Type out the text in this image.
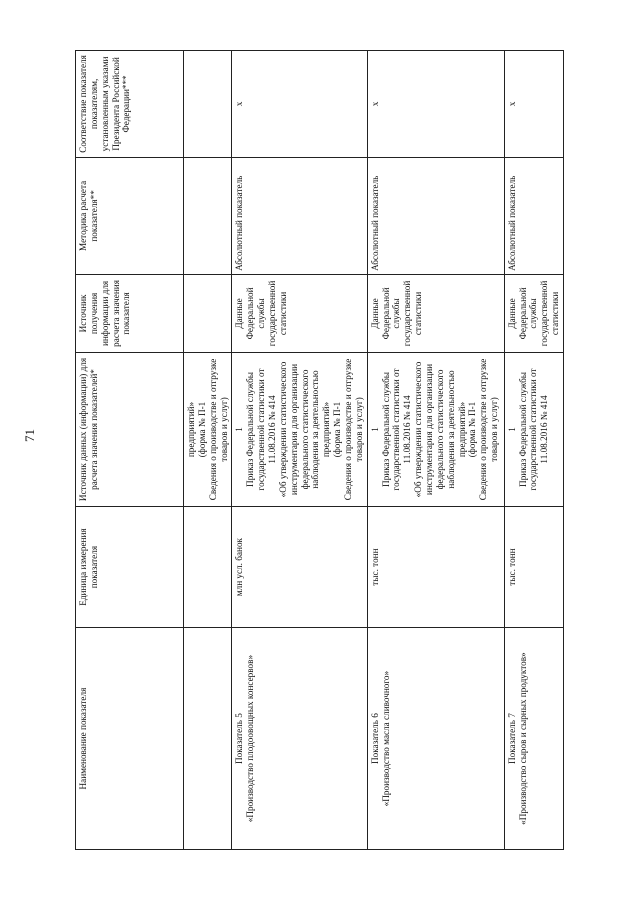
71
Наименование показателя	Единица измерения показателя	Источник данных (информации) для расчета значения показателей*	Источник получения информации для расчета значения показателя	Методика расчета показателя**	Соответствие показателя показателям, установленным указами Президента Российской Федерации***

		предприятий» (форма № П-1 Сведения о производстве и отгрузке товаров и услуг)			

Показатель 5 «Производство плодоовощных консервов»	млн усл. банок	1 Приказ Федеральной службы государственной статистики от 11.08.2016 № 414 «Об утверждении статистического инструментария для организации федерального статистического наблюдения за деятельностью предприятий» (форма № П-1 Сведения о производстве и отгрузке товаров и услуг)	Данные Федеральной службы государственной статистики	Абсолютный показатель	х

Показатель 6 «Производство масла сливочного»	тыс. тонн	1 Приказ Федеральной службы государственной статистики от 11.08.2016 № 414 «Об утверждении статистического инструментария для организации федерального статистического наблюдения за деятельностью предприятий» (форма № П-1 Сведения о производстве и отгрузке товаров и услуг)	Данные Федеральной службы государственной статистики	Абсолютный показатель	х

Показатель 7 «Производство сыров и сырных продуктов»	тыс. тонн	1 Приказ Федеральной службы государственной статистики от 11.08.2016 № 414	Данные Федеральной службы государственной статистики	Абсолютный показатель	х
